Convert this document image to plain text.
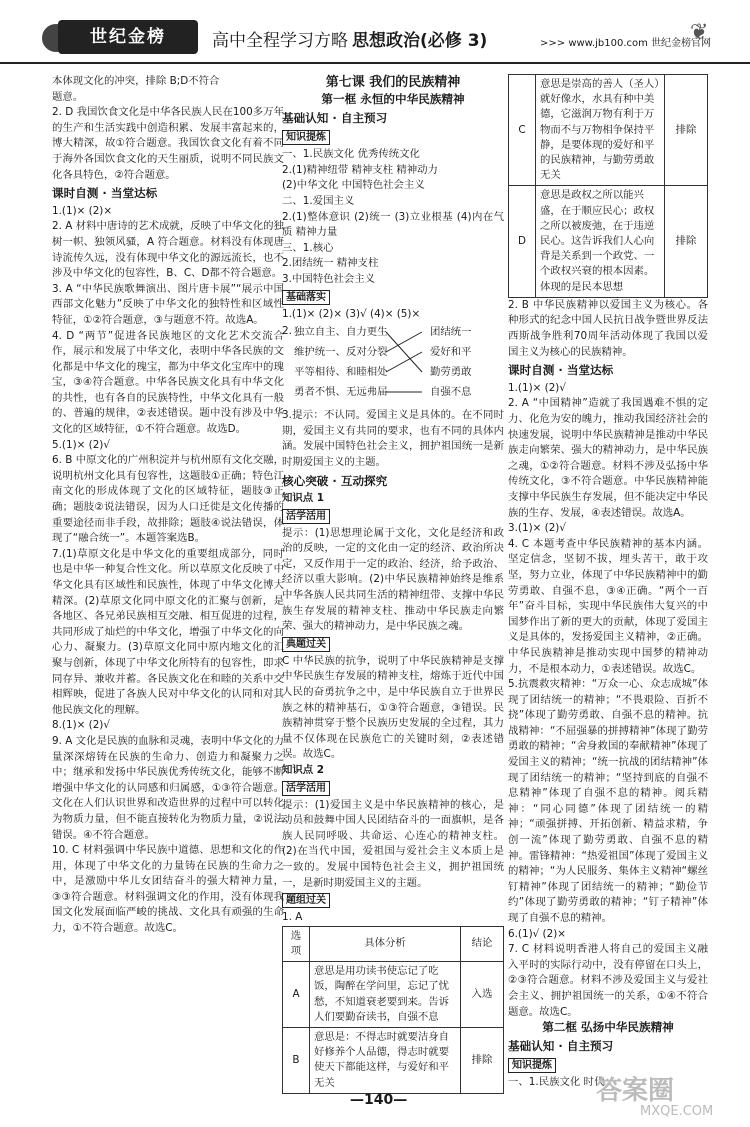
世纪金榜	高中全程学习方略 思想政治(必修 3)	>>> www.jb100.com 世纪金榜官网
❦

本体现文化的冲突，排除 B;D不符合

题意。

2. D 我国饮食文化是中华各民族人民在100多万年的生产和生活实践中创造积累、发展丰富起来的，博大精深，故①符合题意。我国饮食文化有着不同于海外各国饮食文化的天生丽质，说明不同民族文化各具特色，②符合题意。

课时自测 · 当堂达标

1.(1)× (2)×

2. A 材料中唐诗的艺术成就，反映了中华文化的独树一帜、独领风骚，A 符合题意。材料没有体现唐诗流传久远，没有体现中华文化的源远流长，也不涉及中华文化的包容性，B、C、D都不符合题意。

3. A “中华民族歌舞演出、图片唐卡展”“展示中国西部文化魅力”反映了中华文化的独特性和区域性特征，①②符合题意，③与题意不符。故选A。

4. D “两节”促进各民族地区的文化艺术交流合作，展示和发展了中华文化，表明中华各民族的文化都是中华文化的瑰宝，都为中华文化宝库中的瑰宝，③④符合题意。中华各民族文化具有中华文化的共性，也有各自的民族特性，中华文化具有一般的、普遍的规律，②表述错误。题中没有涉及中华文化的区域特征，①不符合题意。故选D。

5.(1)× (2)√

6. B 中原文化的广州积淀并与杭州原有文化交融，说明杭州文化具有包容性，这题肢①正确；特色江南文化的形成体现了文化的区域特征，题肢③正确；题肢②说法错误，因为人口迁徙是文化传播的重要途径而非手段，故排除；题肢④说法错误，体现了“融合统一”。本题答案选B。

7.(1)草原文化是中华文化的重要组成部分，同时也是中华一种复合性文化。所以草原文化反映了中华文化具有区域性和民族性，体现了中华文化博大精深。(2)草原文化同中原文化的汇聚与创新，是各地区、各兄弟民族相互交融、相互促进的过程，共同形成了灿烂的中华文化，增强了中华文化的向心力、凝聚力。(3)草原文化同中原内地文化的汇聚与创新，体现了中华文化所特有的包容性，即求同存异、兼收并蓄。各民族文化在和睦的关系中交相辉映，促进了各族人民对中华文化的认同和对其他民族文化的理解。

8.(1)× (2)√

9. A 文化是民族的血脉和灵魂，表明中华文化的力量深深熔铸在民族的生命力、创造力和凝聚力之中；继承和发扬中华民族优秀传统文化，能够不断增强中华文化的认同感和归属感，①③符合题意。文化在人们认识世界和改造世界的过程中可以转化为物质力量，但不能直接转化为物质力量，②说法错误。④不符合题意。

10. C 材料强调中华民族中道德、思想和文化的作用，体现了中华文化的力量铸在民族的生命力之中，是激励中华儿女团结奋斗的强大精神力量，③③符合题意。材料强调文化的作用，没有体现我国文化发展面临严峻的挑战、文化具有顽强的生命力，①不符合题意。故选C。

第七课 我们的民族精神

第一框 永恒的中华民族精神

基础认知 · 自主预习

知识提炼

一、1.民族文化 优秀传统文化

2.(1)精神纽带 精神支柱 精神动力

(2)中华文化 中国特色社会主义

二、1.爱国主义

2.(1)整体意识 (2)统一 (3)立业根基 (4)内在气质 精神力量

三、1.核心

2.团结统一 精神支柱

3.中国特色社会主义

基础落实

1.(1)× (2)× (3)√ (4)× (5)×

2. 独立自主、自力更生
维护统一、反对分裂
平等相待、和睦相处
勇者不惧、无远弗届
团结统一
爱好和平
勤劳勇敢
自强不息

3.提示：不认同。爱国主义是具体的。在不同时期，爱国主义有共同的要求，也有不同的具体内涵。发展中国特色社会主义，拥护祖国统一是新时期爱国主义的主题。

核心突破 · 互动探究

知识点 1

活学活用

提示：(1)思想理论属于文化，文化是经济和政治的反映，一定的文化由一定的经济、政治所决定，又反作用于一定的政治、经济，给予政治、经济以重大影响。(2)中华民族精神始终是维系中华各族人民共同生活的精神纽带、支撑中华民族生存发展的精神支柱、推动中华民族走向繁荣、强大的精神动力，是中华民族之魂。

典题过关

C 中华民族的抗争，说明了中华民族精神是支撑中华民族生存发展的精神支柱，熔炼于近代中国人民的奋勇抗争之中，是中华民族自立于世界民族之林的精神基石，①③符合题意，③错误。民族精神贯穿于整个民族历史发展的全过程，其力量不仅体现在民族危亡的关键时刻，②表述错误。故选C。

知识点 2

活学活用

提示：(1)爱国主义是中华民族精神的核心，是动员和鼓舞中国人民团结奋斗的一面旗帜，是各族人民同呼吸、共命运、心连心的精神支柱。(2)在当代中国，爱祖国与爱社会主义本质上是一致的。发展中国特色社会主义，拥护祖国统一，是新时期爱国主义的主题。

题组过关

1. A

选项	具体分析	结论
A	意思是用功读书使忘记了吃饭，陶醉在学问里，忘记了忧愁，不知道衰老要到来。告诉人们要勤奋读书，自强不息	入选
B	意思是：不得志时就要洁身自好修养个人品德，得志时就要使天下都能这样，与爱好和平无关	排除
C	意思是崇高的善人（圣人）就好像水，水具有种中美德，它滋润万物有利于万物而不与万物相争保持平静，是要体现的爱好和平的民族精神，与勤劳勇敢无关	排除
D	意思是政权之所以能兴盛，在于顺应民心；政权之所以被废弛，在于违逆民心。这告诉我们人心向背是关系到一个政党、一个政权兴衰的根本因素。体现的是民本思想	排除

2. B 中华民族精神以爱国主义为核心。各种形式的纪念中国人民抗日战争暨世界反法西斯战争胜利70周年活动体现了我国以爱国主义为核心的民族精神。

课时自测 · 当堂达标

1.(1)× (2)√

2. A “中国精神”造就了我国遇难不惧的定力、化危为安的魄力，推动我国经济社会的快速发展，说明中华民族精神是推动中华民族走向繁荣、强大的精神动力，是中华民族之魂，①②符合题意。材料不涉及弘扬中华传统文化，③不符合题意。中华民族精神能支撑中华民族生存发展，但不能决定中华民族的生存、发展，④表述错误。故选A。

3.(1)× (2)√

4. C 本题考查中华民族精神的基本内涵。坚定信念，坚韧不拔，埋头苦干，敢于攻坚，努力立业，体现了中华民族精神中的勤劳勇敢、自强不息，③④正确。“两个一百年”奋斗目标，实现中华民族伟大复兴的中国梦作出了新的更大的贡献，体现了爱国主义是具体的，发扬爱国主义精神，②正确。中华民族精神是推动实现中国梦的精神动力，不是根本动力，①表述错误。故选C。

5.抗震救灾精神：“万众一心、众志成城”体现了团结统一的精神；“不畏艰险、百折不挠”体现了勤劳勇敢、自强不息的精神。抗战精神：“不屈强暴的拼搏精神”体现了勤劳勇敢的精神；“舍身救国的奉献精神”体现了爱国主义的精神；“统一抗战的团结精神”体现了团结统一的精神；“坚持到底的自强不息精神”体现了自强不息的精神。阅兵精神：“同心同德”体现了团结统一的精神；“顽强拼搏、开拓创新、精益求精，争创一流”体现了勤劳勇敢、自强不息的精神。雷锋精神：“热爱祖国”体现了爱国主义的精神；“为人民服务、集体主义精神“螺丝钉精神”体现了团结统一的精神；“勤俭节约”体现了勤劳勇敢的精神；“钉子精神”体现了自强不息的精神。

6.(1)√ (2)×

7. C 材料说明香港人将自己的爱国主义融入平时的实际行动中，没有停留在口头上，②③符合题意。材料不涉及爱国主义与爱社会主义、拥护祖国统一的关系，①④不符合题意。故选C。

第二框 弘扬中华民族精神

基础认知 · 自主预习

知识提炼

一、1.民族文化 时代

—140—	答案圈
MXQE.COM
